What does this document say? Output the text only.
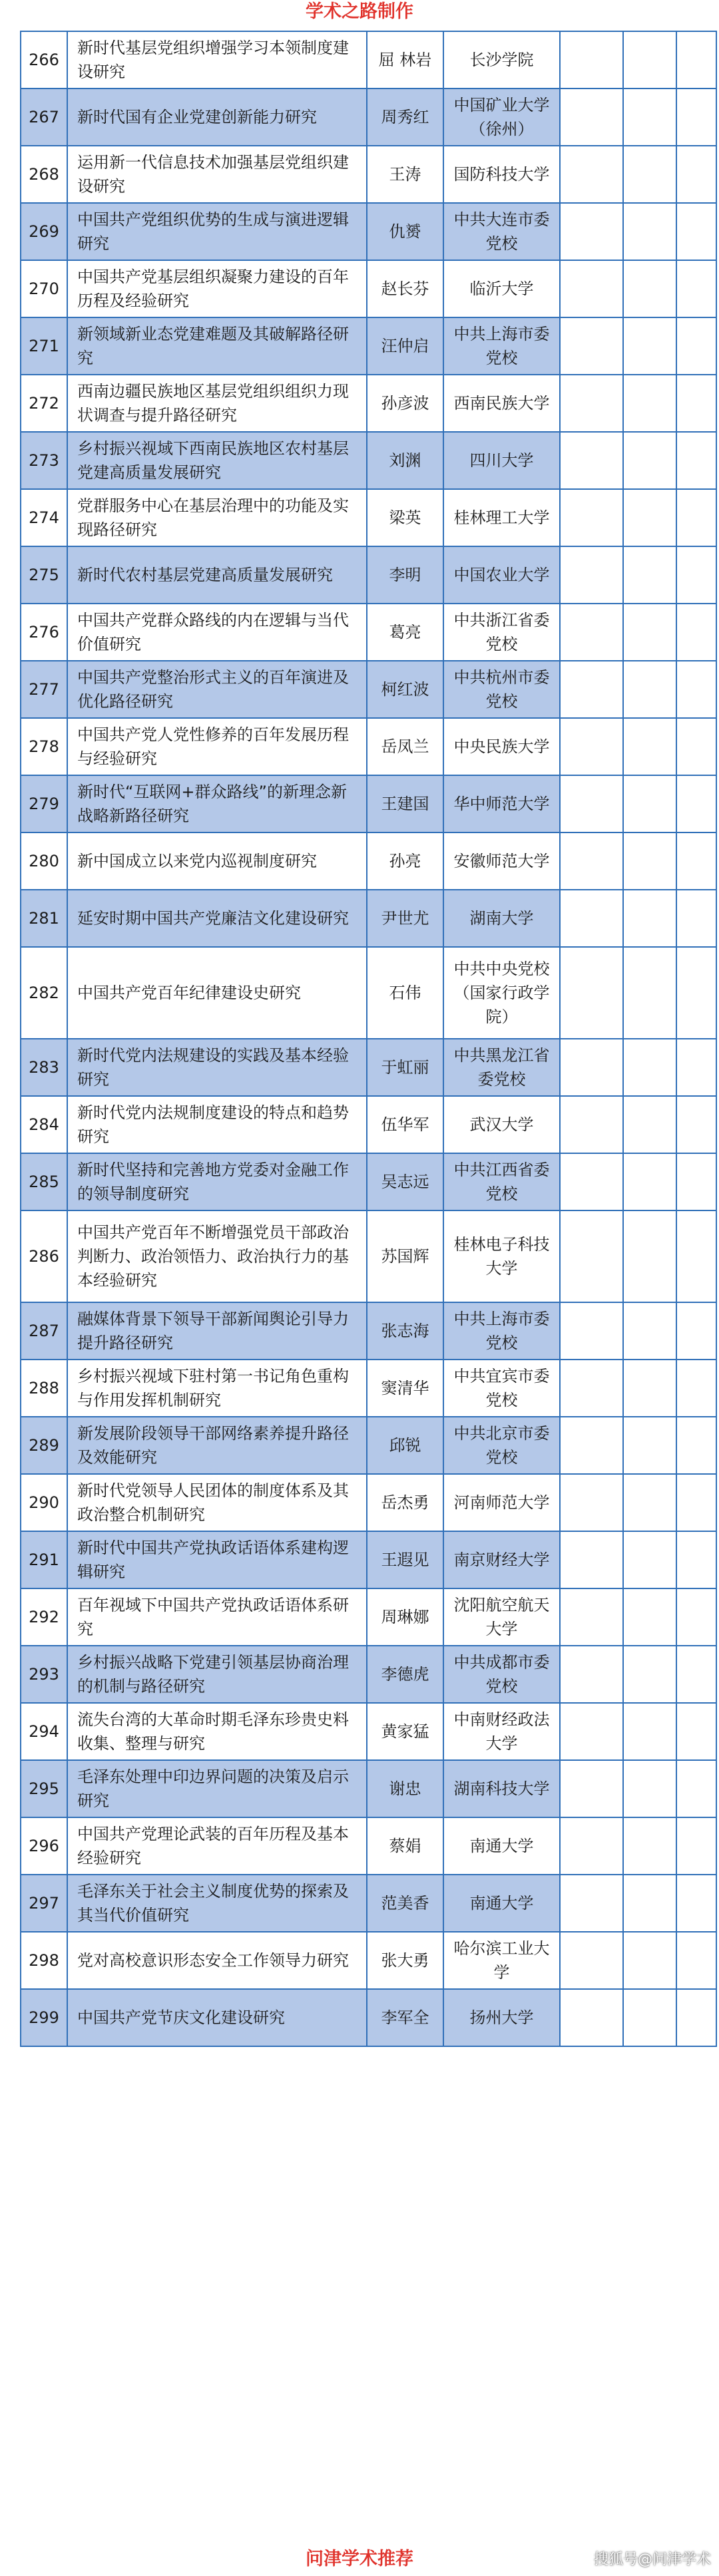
学术之路制作
266	新时代基层党组织增强学习本领制度建设研究	屈 林岩	长沙学院			
267	新时代国有企业党建创新能力研究	周秀红	中国矿业大学（徐州）			
268	运用新一代信息技术加强基层党组织建设研究	王涛	国防科技大学			
269	中国共产党组织优势的生成与演进逻辑研究	仇赟	中共大连市委党校			
270	中国共产党基层组织凝聚力建设的百年历程及经验研究	赵长芬	临沂大学			
271	新领域新业态党建难题及其破解路径研究	汪仲启	中共上海市委党校			
272	西南边疆民族地区基层党组织组织力现状调查与提升路径研究	孙彦波	西南民族大学			
273	乡村振兴视域下西南民族地区农村基层党建高质量发展研究	刘渊	四川大学			
274	党群服务中心在基层治理中的功能及实现路径研究	梁英	桂林理工大学			
275	新时代农村基层党建高质量发展研究	李明	中国农业大学			
276	中国共产党群众路线的内在逻辑与当代价值研究	葛亮	中共浙江省委党校			
277	中国共产党整治形式主义的百年演进及优化路径研究	柯红波	中共杭州市委党校			
278	中国共产党人党性修养的百年发展历程与经验研究	岳凤兰	中央民族大学			
279	新时代“互联网+群众路线”的新理念新战略新路径研究	王建国	华中师范大学			
280	新中国成立以来党内巡视制度研究	孙亮	安徽师范大学			
281	延安时期中国共产党廉洁文化建设研究	尹世尤	湖南大学			
282	中国共产党百年纪律建设史研究	石伟	中共中央党校（国家行政学院）			
283	新时代党内法规建设的实践及基本经验研究	于虹丽	中共黑龙江省委党校			
284	新时代党内法规制度建设的特点和趋势研究	伍华军	武汉大学			
285	新时代坚持和完善地方党委对金融工作的领导制度研究	吴志远	中共江西省委党校			
286	中国共产党百年不断增强党员干部政治判断力、政治领悟力、政治执行力的基本经验研究	苏国辉	桂林电子科技大学			
287	融媒体背景下领导干部新闻舆论引导力提升路径研究	张志海	中共上海市委党校			
288	乡村振兴视域下驻村第一书记角色重构与作用发挥机制研究	窦清华	中共宜宾市委党校			
289	新发展阶段领导干部网络素养提升路径及效能研究	邱锐	中共北京市委党校			
290	新时代党领导人民团体的制度体系及其政治整合机制研究	岳杰勇	河南师范大学			
291	新时代中国共产党执政话语体系建构逻辑研究	王遐见	南京财经大学			
292	百年视域下中国共产党执政话语体系研究	周琳娜	沈阳航空航天大学			
293	乡村振兴战略下党建引领基层协商治理的机制与路径研究	李德虎	中共成都市委党校			
294	流失台湾的大革命时期毛泽东珍贵史料收集、整理与研究	黄家猛	中南财经政法大学			
295	毛泽东处理中印边界问题的决策及启示研究	谢忠	湖南科技大学			
296	中国共产党理论武装的百年历程及基本经验研究	蔡娟	南通大学			
297	毛泽东关于社会主义制度优势的探索及其当代价值研究	范美香	南通大学			
298	党对高校意识形态安全工作领导力研究	张大勇	哈尔滨工业大学			
299	中国共产党节庆文化建设研究	李军全	扬州大学			
问津学术推荐	搜狐号@问津学术
